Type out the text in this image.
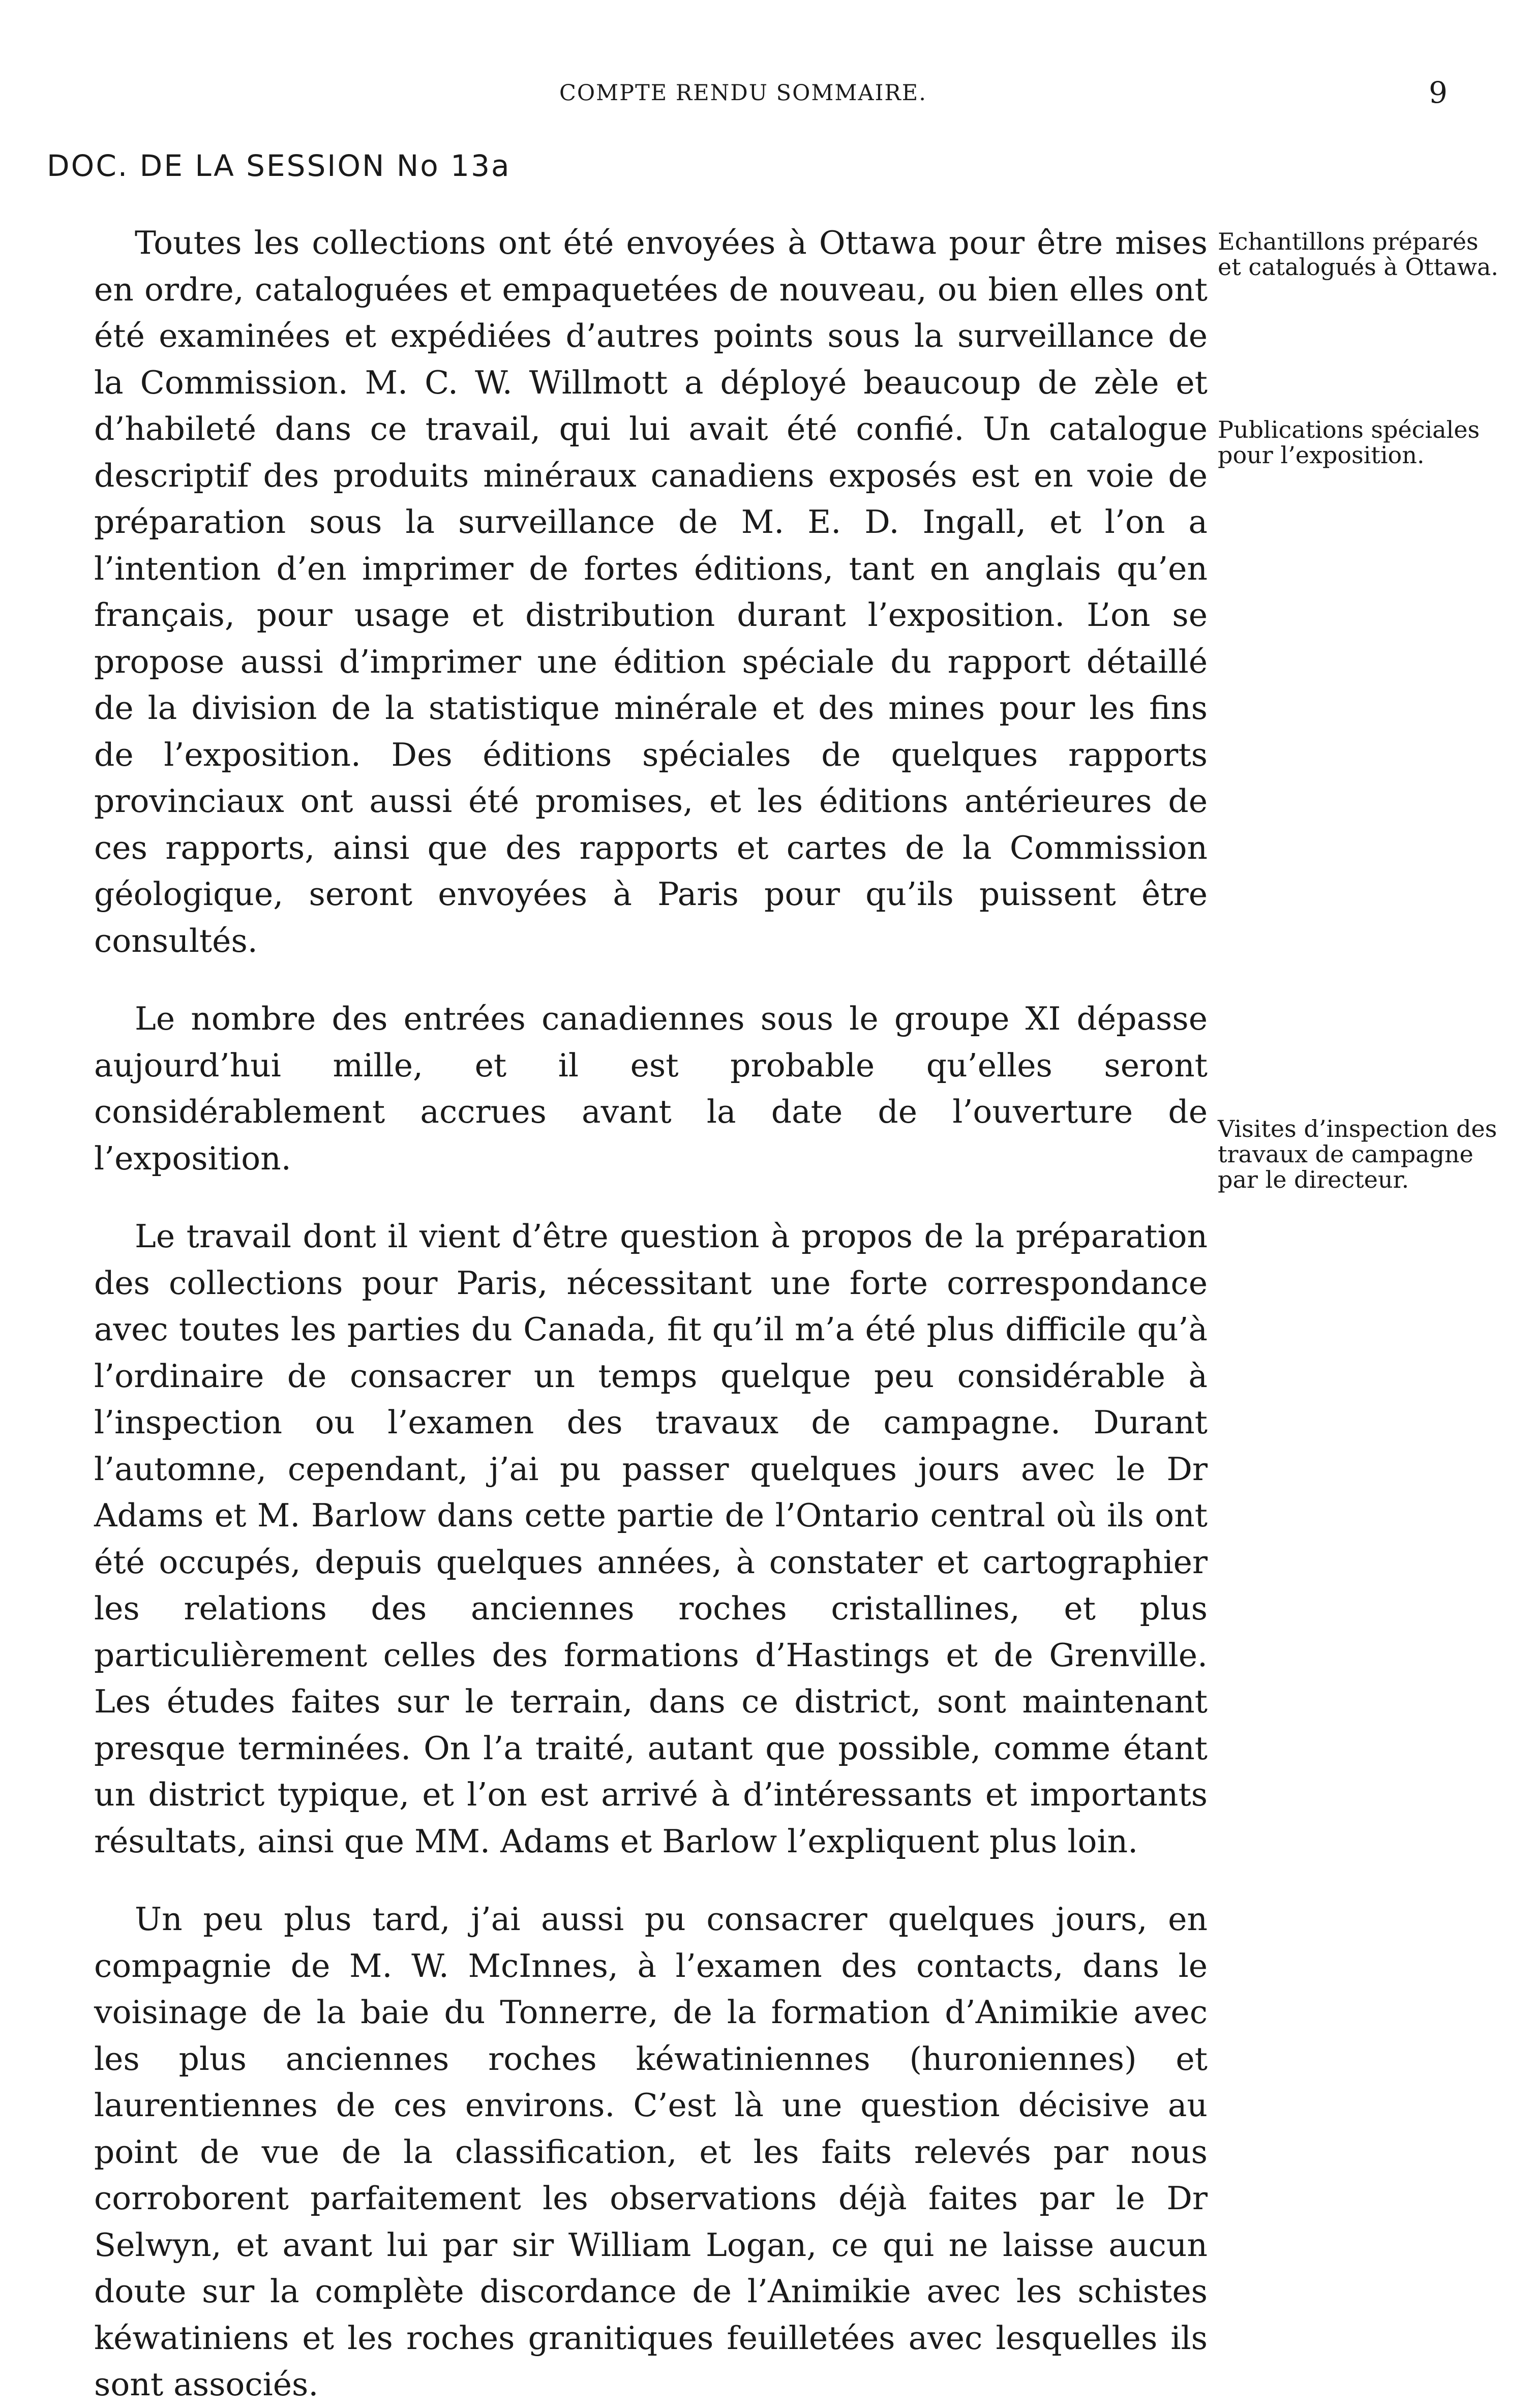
COMPTE RENDU SOMMAIRE.	9
DOC. DE LA SESSION No 13a

Toutes les collections ont été envoyées à Ottawa pour être mises en ordre, cataloguées et empaquetées de nouveau, ou bien elles ont été examinées et expédiées d’autres points sous la surveillance de la Commission. M. C. W. Willmott a déployé beaucoup de zèle et d’habileté dans ce travail, qui lui avait été confié. Un catalogue descriptif des produits minéraux canadiens exposés est en voie de préparation sous la surveillance de M. E. D. Ingall, et l’on a l’intention d’en imprimer de fortes éditions, tant en anglais qu’en français, pour usage et distribution durant l’exposition. L’on se propose aussi d’imprimer une édition spéciale du rapport détaillé de la division de la statistique minérale et des mines pour les fins de l’exposition. Des éditions spéciales de quelques rapports provinciaux ont aussi été promises, et les éditions antérieures de ces rapports, ainsi que des rapports et cartes de la Commission géologique, seront envoyées à Paris pour qu’ils puissent être consultés.

Le nombre des entrées canadiennes sous le groupe XI dépasse aujourd’hui mille, et il est probable qu’elles seront considérablement accrues avant la date de l’ouverture de l’exposition.

Le travail dont il vient d’être question à propos de la préparation des collections pour Paris, nécessitant une forte correspondance avec toutes les parties du Canada, fit qu’il m’a été plus difficile qu’à l’ordinaire de consacrer un temps quelque peu considérable à l’inspection ou l’examen des travaux de campagne. Durant l’automne, cependant, j’ai pu passer quelques jours avec le Dr Adams et M. Barlow dans cette partie de l’Ontario central où ils ont été occupés, depuis quelques années, à constater et cartographier les relations des anciennes roches cristallines, et plus particulièrement celles des formations d’Hastings et de Grenville. Les études faites sur le terrain, dans ce district, sont maintenant presque terminées. On l’a traité, autant que possible, comme étant un district typique, et l’on est arrivé à d’intéressants et importants résultats, ainsi que MM. Adams et Barlow l’expliquent plus loin.

Un peu plus tard, j’ai aussi pu consacrer quelques jours, en compagnie de M. W. McInnes, à l’examen des contacts, dans le voisinage de la baie du Tonnerre, de la formation d’Animikie avec les plus anciennes roches kéwatiniennes (huroniennes) et laurentiennes de ces environs. C’est là une question décisive au point de vue de la classification, et les faits relevés par nous corroborent parfaitement les observations déjà faites par le Dr Selwyn, et avant lui par sir William Logan, ce qui ne laisse aucun doute sur la complète discordance de l’Animikie avec les schistes kéwatiniens et les roches granitiques feuilletées avec lesquelles ils sont associés.

Echantillons préparés et catalogués à Ottawa.
Publications spéciales pour l’exposition.
Visites d’inspection des travaux de campagne par le directeur.
